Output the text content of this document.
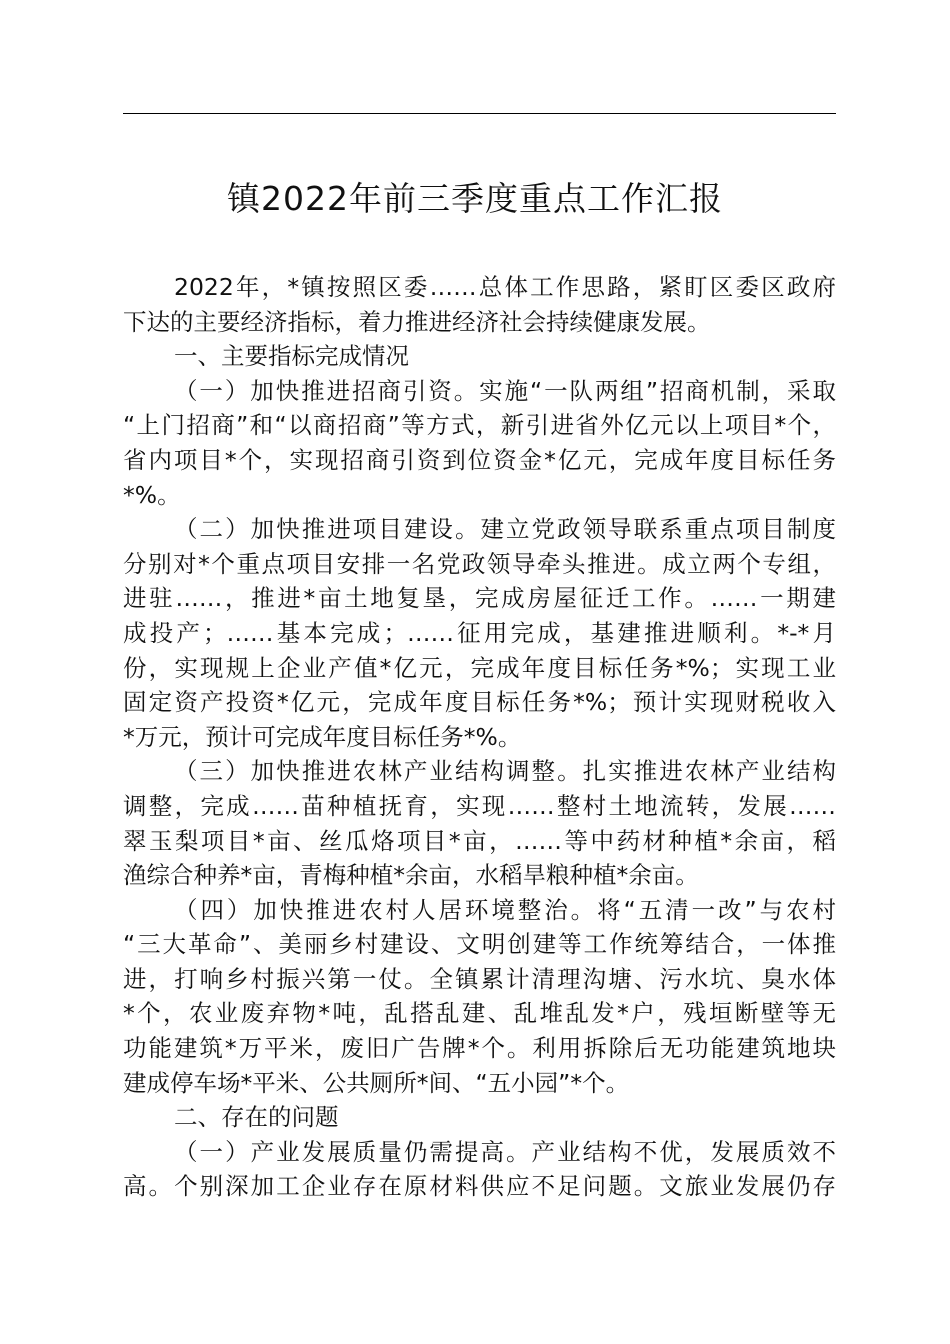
镇2022年前三季度重点工作汇报
2022年，*镇按照区委……总体工作思路，紧盯区委区政府
下达的主要经济指标，着力推进经济社会持续健康发展。
一、主要指标完成情况
（一）加快推进招商引资。实施“一队两组”招商机制，采取
“上门招商”和“以商招商”等方式，新引进省外亿元以上项目*个，
省内项目*个，实现招商引资到位资金*亿元，完成年度目标任务
*%。
（二）加快推进项目建设。建立党政领导联系重点项目制度
分别对*个重点项目安排一名党政领导牵头推进。成立两个专组，
进驻……，推进*亩土地复垦，完成房屋征迁工作。……一期建
成投产；……基本完成；……征用完成，基建推进顺利。*-*月
份，实现规上企业产值*亿元，完成年度目标任务*%；实现工业
固定资产投资*亿元，完成年度目标任务*%；预计实现财税收入
*万元，预计可完成年度目标任务*%。
（三）加快推进农林产业结构调整。扎实推进农林产业结构
调整，完成……苗种植抚育，实现……整村土地流转，发展……
翠玉梨项目*亩、丝瓜烙项目*亩，……等中药材种植*余亩，稻
渔综合种养*亩，青梅种植*余亩，水稻旱粮种植*余亩。
（四）加快推进农村人居环境整治。将“五清一改”与农村
“三大革命”、美丽乡村建设、文明创建等工作统筹结合，一体推
进，打响乡村振兴第一仗。全镇累计清理沟塘、污水坑、臭水体
*个，农业废弃物*吨，乱搭乱建、乱堆乱发*户，残垣断壁等无
功能建筑*万平米，废旧广告牌*个。利用拆除后无功能建筑地块
建成停车场*平米、公共厕所*间、“五小园”*个。
二、存在的问题
（一）产业发展质量仍需提高。产业结构不优，发展质效不
高。个别深加工企业存在原材料供应不足问题。文旅业发展仍存
